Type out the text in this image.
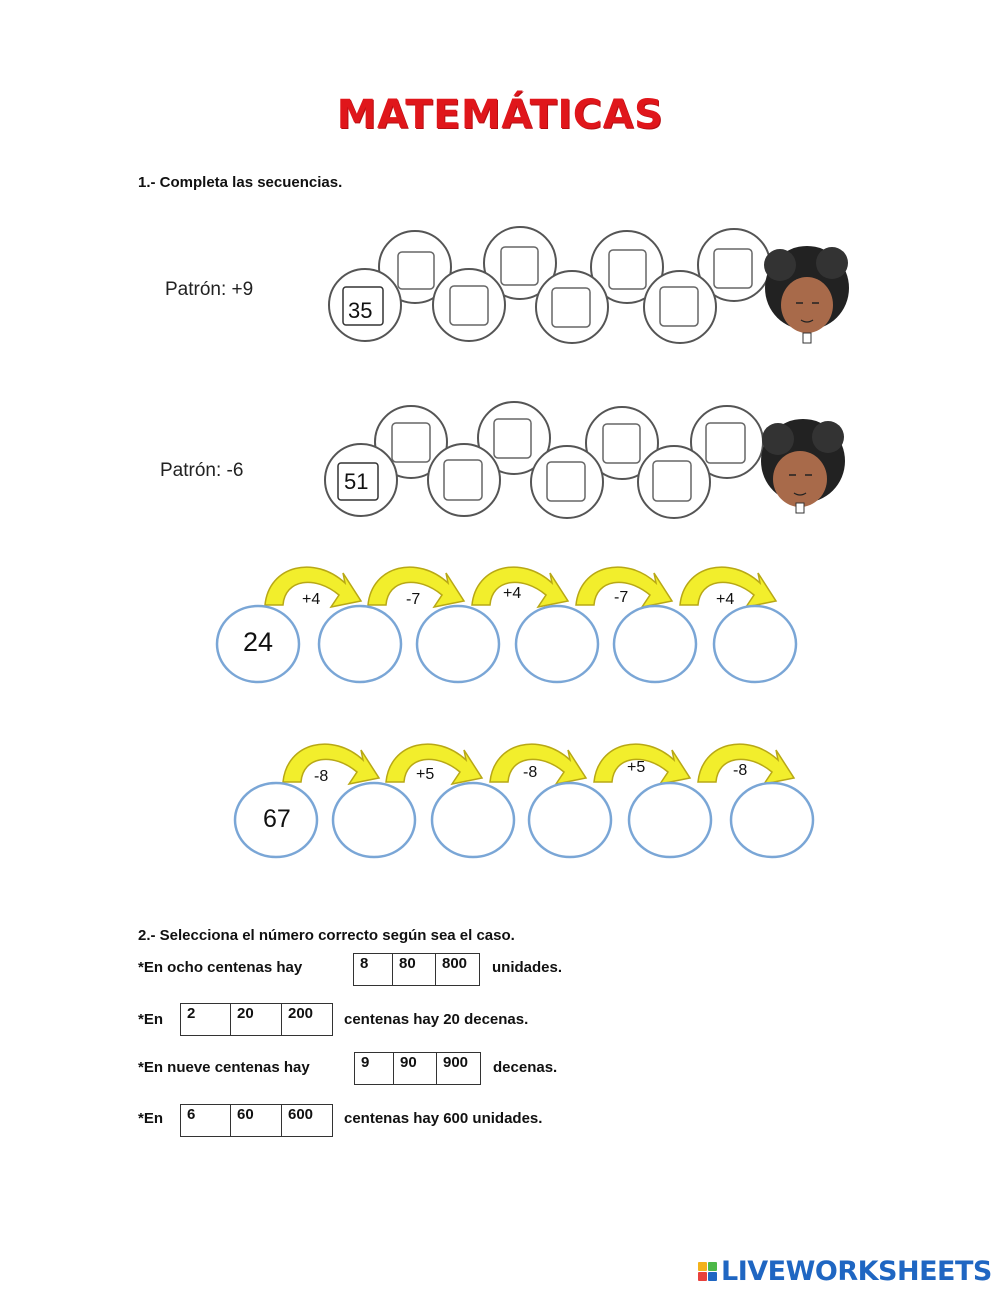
MATEMÁTICAS
1.- Completa las secuencias.
Patrón: +9
35
Patrón: -6	51
24
+4	-7	+4	-7	+4
67
-8	+5	-8	+5	-8
2.- Selecciona el número correcto según sea el caso.
*En ocho centenas hay	8	80	800	unidades.
*En	2	20	200	centenas hay 20 decenas.
*En nueve centenas hay	9	90	900	decenas.
*En	6	60	600	centenas hay 600 unidades.
LIVEWORKSHEETS
